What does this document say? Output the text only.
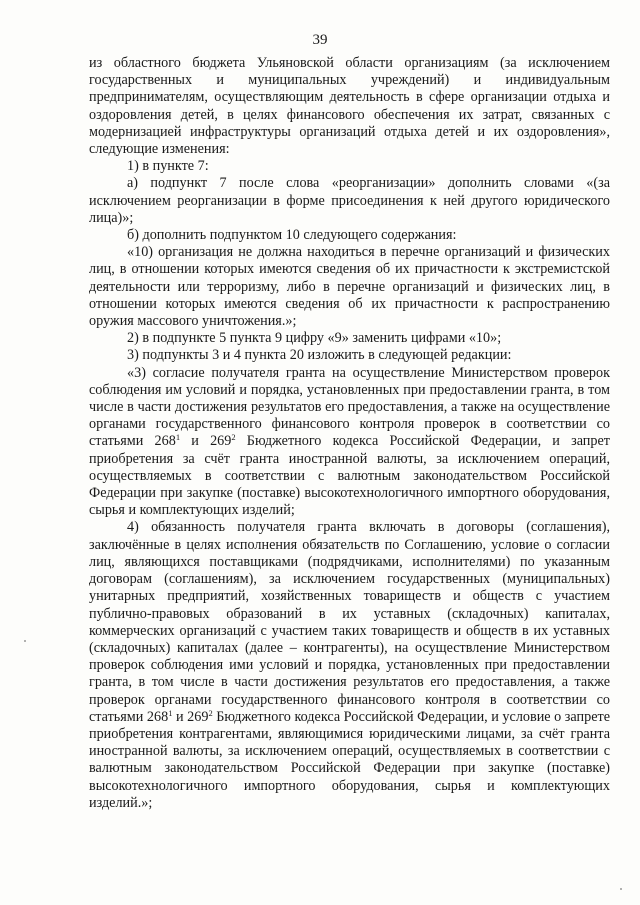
39

из областного бюджета Ульяновской области организациям (за исключением государственных и муниципальных учреждений) и индивидуальным предпринимателям, осуществляющим деятельность в сфере организации отдыха и оздоровления детей, в целях финансового обеспечения их затрат, связанных с модернизацией инфраструктуры организаций отдыха детей и их оздоровления», следующие изменения:

1) в пункте 7:

а) подпункт 7 после слова «реорганизации» дополнить словами «(за исключением реорганизации в форме присоединения к ней другого юридического лица)»;

б) дополнить подпунктом 10 следующего содержания:

«10) организация не должна находиться в перечне организаций и физических лиц, в отношении которых имеются сведения об их причастности к экстремистской деятельности или терроризму, либо в перечне организаций и физических лиц, в отношении которых имеются сведения об их причастности к распространению оружия массового уничтожения.»;

2) в подпункте 5 пункта 9 цифру «9» заменить цифрами «10»;

3) подпункты 3 и 4 пункта 20 изложить в следующей редакции:

«3) согласие получателя гранта на осуществление Министерством проверок соблюдения им условий и порядка, установленных при предоставлении гранта, в том числе в части достижения результатов его предоставления, а также на осуществление органами государственного финансового контроля проверок в соответствии со статьями $268^1$ и $269^2$ Бюджетного кодекса Российской Федерации, и запрет приобретения за счёт гранта иностранной валюты, за исключением операций, осуществляемых в соответствии с валютным законодательством Российской Федерации при закупке (поставке) высокотехнологичного импортного оборудования, сырья и комплектующих изделий;

4) обязанность получателя гранта включать в договоры (соглашения), заключённые в целях исполнения обязательств по Соглашению, условие о согласии лиц, являющихся поставщиками (подрядчиками, исполнителями) по указанным договорам (соглашениям), за исключением государственных (муниципальных) унитарных предприятий, хозяйственных товариществ и обществ с участием публично-правовых образований в их уставных (складочных) капиталах, коммерческих организаций с участием таких товариществ и обществ в их уставных (складочных) капиталах (далее – контрагенты), на осуществление Министерством проверок соблюдения ими условий и порядка, установленных при предоставлении гранта, в том числе в части достижения результатов его предоставления, а также проверок органами государственного финансового контроля в соответствии со статьями $268^1$ и $269^2$ Бюджетного кодекса Российской Федерации, и условие о запрете приобретения контрагентами, являющимися юридическими лицами, за счёт гранта иностранной валюты, за исключением операций, осуществляемых в соответствии с валютным законодательством Российской Федерации при закупке (поставке) высокотехнологичного импортного оборудования, сырья и комплектующих изделий.»;
